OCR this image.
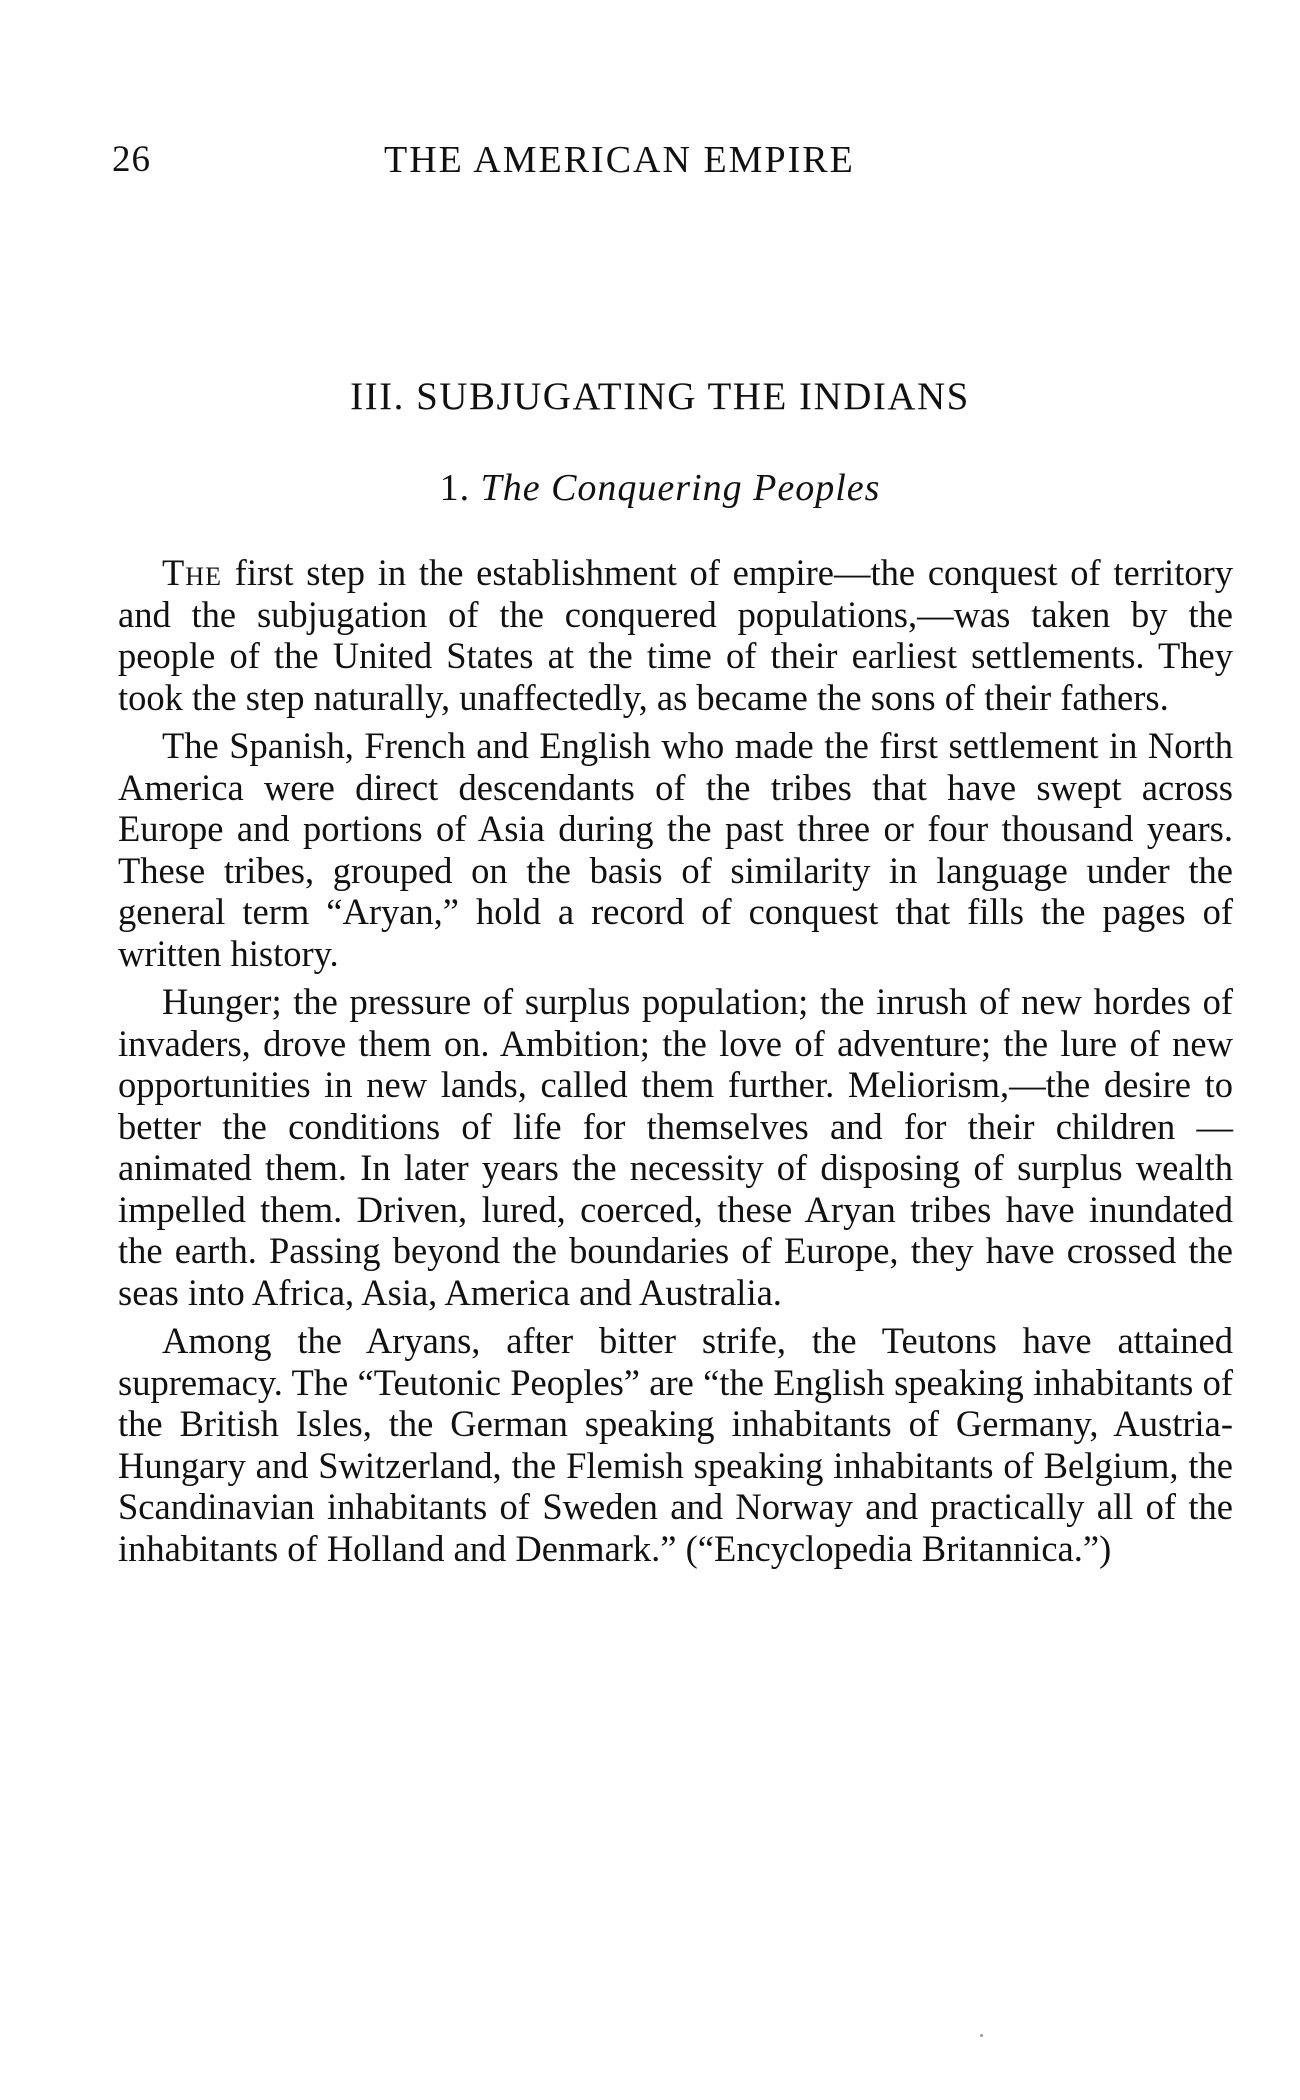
26	THE AMERICAN EMPIRE
III. SUBJUGATING THE INDIANS
1. The Conquering Peoples

The first step in the establishment of empire—the conquest of territory and the subjugation of the conquered populations,—was taken by the people of the United States at the time of their earliest settlements. They took the step naturally, unaffectedly, as became the sons of their fathers.

The Spanish, French and English who made the first settlement in North America were direct descendants of the tribes that have swept across Europe and portions of Asia during the past three or four thousand years. These tribes, grouped on the basis of similarity in language under the general term “Aryan,” hold a record of conquest that fills the pages of written history.

Hunger; the pressure of surplus population; the inrush of new hordes of invaders, drove them on. Ambition; the love of adventure; the lure of new opportunities in new lands, called them further. Meliorism,—the desire to better the conditions of life for themselves and for their children —animated them. In later years the necessity of disposing of surplus wealth impelled them. Driven, lured, coerced, these Aryan tribes have inundated the earth. Passing beyond the boundaries of Europe, they have crossed the seas into Africa, Asia, America and Australia.

Among the Aryans, after bitter strife, the Teutons have attained supremacy. The “Teutonic Peoples” are “the English speaking inhabitants of the British Isles, the German speaking inhabitants of Germany, Austria-Hungary and Switzerland, the Flemish speaking inhabitants of Belgium, the Scandinavian inhabitants of Sweden and Norway and practically all of the inhabitants of Holland and Denmark.” (“Encyclopedia Britannica.”)
